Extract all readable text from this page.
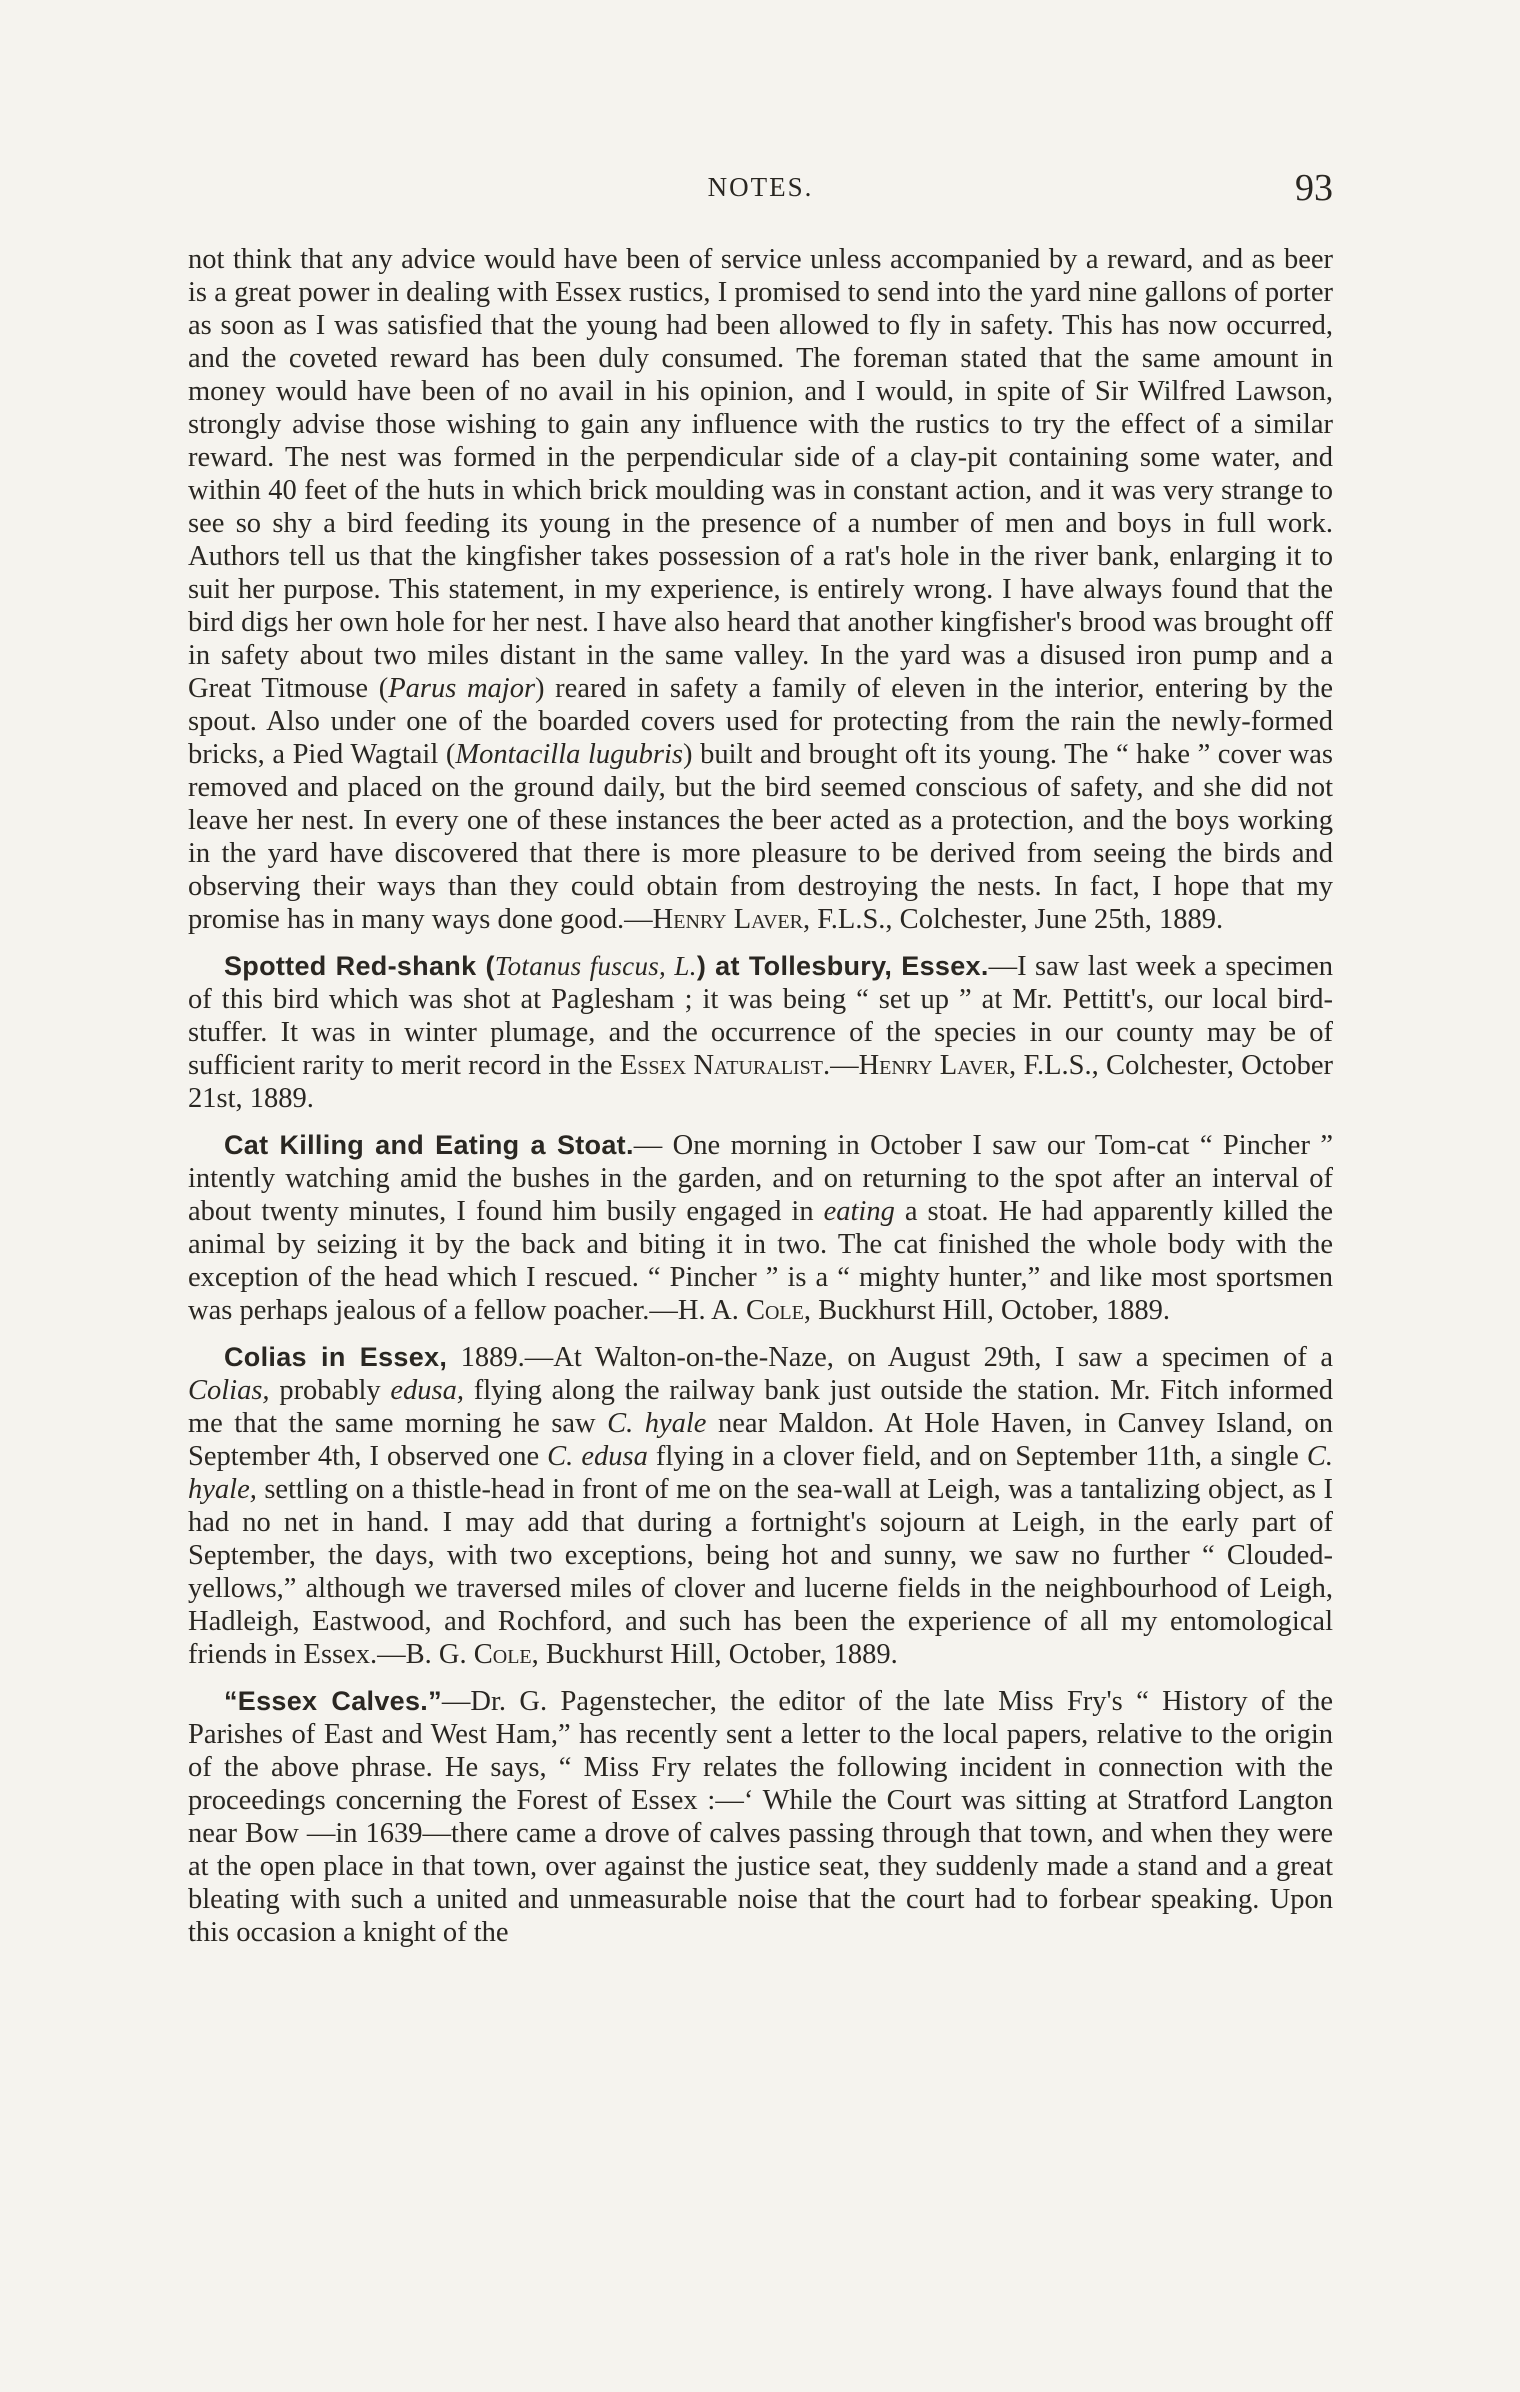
NOTES.	93

not think that any advice would have been of service unless accompanied by a reward, and as beer is a great power in dealing with Essex rustics, I promised to send into the yard nine gallons of porter as soon as I was satisfied that the young had been allowed to fly in safety. This has now occurred, and the coveted reward has been duly consumed. The foreman stated that the same amount in money would have been of no avail in his opinion, and I would, in spite of Sir Wilfred Lawson, strongly advise those wishing to gain any influence with the rustics to try the effect of a similar reward. The nest was formed in the perpendicular side of a clay-pit containing some water, and within 40 feet of the huts in which brick moulding was in constant action, and it was very strange to see so shy a bird feeding its young in the presence of a number of men and boys in full work. Authors tell us that the kingfisher takes possession of a rat's hole in the river bank, enlarging it to suit her purpose. This statement, in my experience, is entirely wrong. I have always found that the bird digs her own hole for her nest. I have also heard that another kingfisher's brood was brought off in safety about two miles distant in the same valley. In the yard was a disused iron pump and a Great Titmouse (Parus major) reared in safety a family of eleven in the interior, entering by the spout. Also under one of the boarded covers used for protecting from the rain the newly-formed bricks, a Pied Wagtail (Montacilla lugubris) built and brought oft its young. The “ hake ” cover was removed and placed on the ground daily, but the bird seemed conscious of safety, and she did not leave her nest. In every one of these instances the beer acted as a protection, and the boys working in the yard have discovered that there is more pleasure to be derived from seeing the birds and observing their ways than they could obtain from destroying the nests. In fact, I hope that my promise has in many ways done good.—Henry Laver, F.L.S., Colchester, June 25th, 1889.

Spotted Red-shank (Totanus fuscus, L.) at Tollesbury, Essex.—I saw last week a specimen of this bird which was shot at Paglesham ; it was being “ set up ” at Mr. Pettitt's, our local bird-stuffer. It was in winter plumage, and the occurrence of the species in our county may be of sufficient rarity to merit record in the Essex Naturalist.—Henry Laver, F.L.S., Colchester, October 21st, 1889.

Cat Killing and Eating a Stoat.— One morning in October I saw our Tom-cat “ Pincher ” intently watching amid the bushes in the garden, and on returning to the spot after an interval of about twenty minutes, I found him busily engaged in eating a stoat. He had apparently killed the animal by seizing it by the back and biting it in two. The cat finished the whole body with the exception of the head which I rescued. “ Pincher ” is a “ mighty hunter,” and like most sportsmen was perhaps jealous of a fellow poacher.—H. A. Cole, Buckhurst Hill, October, 1889.

Colias in Essex, 1889.—At Walton-on-the-Naze, on August 29th, I saw a specimen of a Colias, probably edusa, flying along the railway bank just outside the station. Mr. Fitch informed me that the same morning he saw C. hyale near Maldon. At Hole Haven, in Canvey Island, on September 4th, I observed one C. edusa flying in a clover field, and on September 11th, a single C. hyale, settling on a thistle-head in front of me on the sea-wall at Leigh, was a tantalizing object, as I had no net in hand. I may add that during a fortnight's sojourn at Leigh, in the early part of September, the days, with two exceptions, being hot and sunny, we saw no further “ Clouded-yellows,” although we traversed miles of clover and lucerne fields in the neighbourhood of Leigh, Hadleigh, Eastwood, and Rochford, and such has been the experience of all my entomological friends in Essex.—B. G. Cole, Buckhurst Hill, October, 1889.

“Essex Calves.”—Dr. G. Pagenstecher, the editor of the late Miss Fry's “ History of the Parishes of East and West Ham,” has recently sent a letter to the local papers, relative to the origin of the above phrase. He says, “ Miss Fry relates the following incident in connection with the proceedings concerning the Forest of Essex :—‘ While the Court was sitting at Stratford Langton near Bow —in 1639—there came a drove of calves passing through that town, and when they were at the open place in that town, over against the justice seat, they suddenly made a stand and a great bleating with such a united and unmeasurable noise that the court had to forbear speaking. Upon this occasion a knight of the
